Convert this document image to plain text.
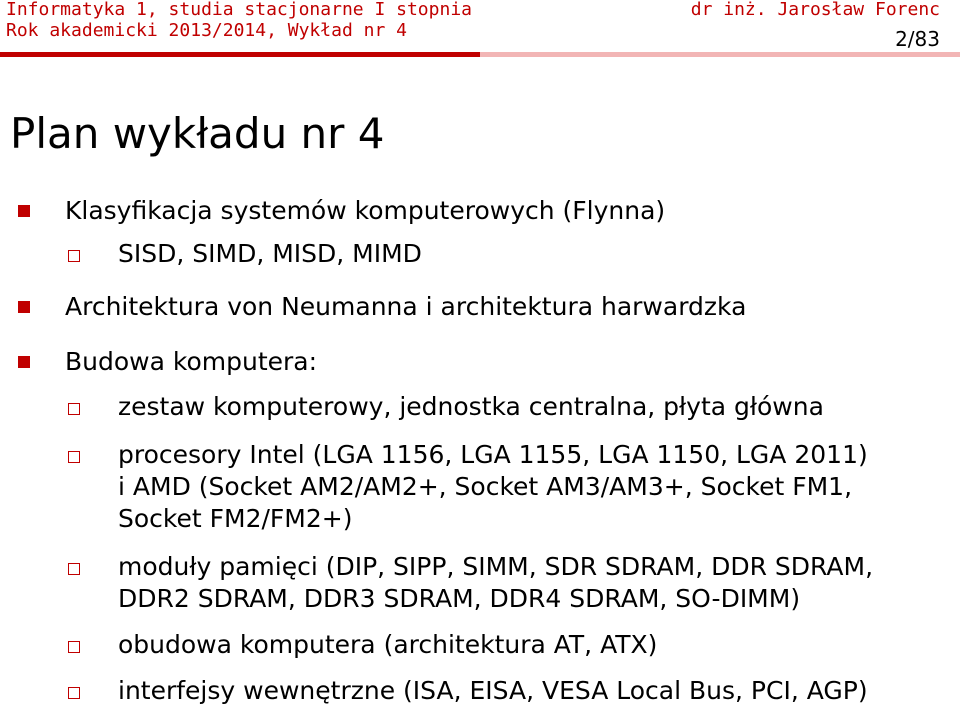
Informatyka 1, studia stacjonarne I stopnia
Rok akademicki 2013/2014, Wykład nr 4
dr inż. Jarosław Forenc
2/83
Plan wykładu nr 4
Klasyfikacja systemów komputerowych (Flynna)
SISD, SIMD, MISD, MIMD
Architektura von Neumanna i architektura harwardzka
Budowa komputera:
zestaw komputerowy, jednostka centralna, płyta główna
procesory Intel (LGA 1156, LGA 1155, LGA 1150, LGA 2011)
i AMD (Socket AM2/AM2+, Socket AM3/AM3+, Socket FM1,
Socket FM2/FM2+)
moduły pamięci (DIP, SIPP, SIMM, SDR SDRAM, DDR SDRAM,
DDR2 SDRAM, DDR3 SDRAM, DDR4 SDRAM, SO-DIMM)
obudowa komputera (architektura AT, ATX)
interfejsy wewnętrzne (ISA, EISA, VESA Local Bus, PCI, AGP)
